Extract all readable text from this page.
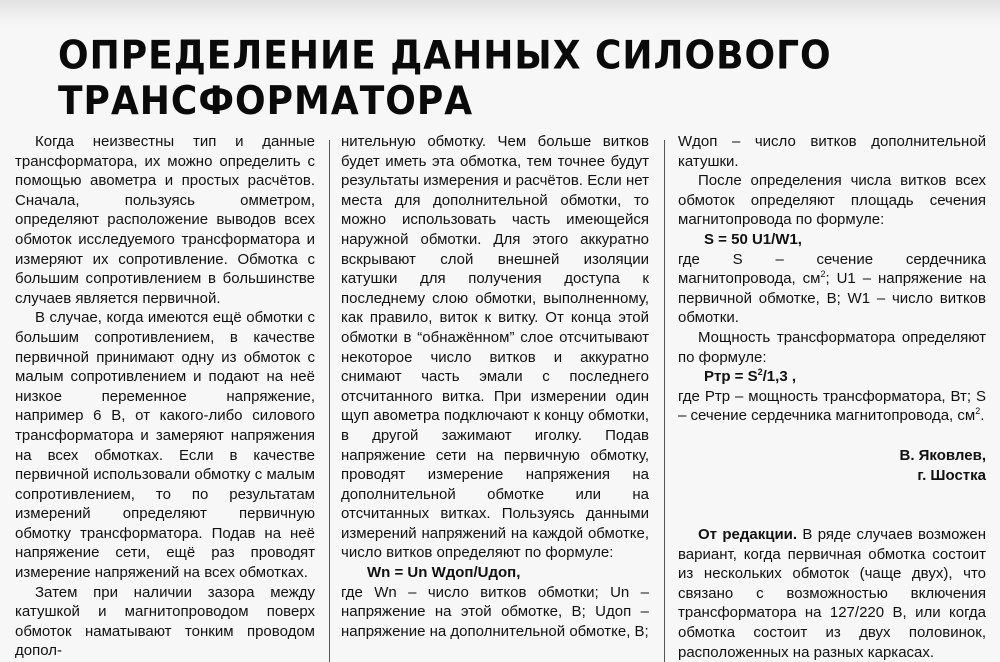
ОПРЕДЕЛЕНИЕ ДАННЫХ СИЛОВОГО
ТРАНСФОРМАТОРА

Когда неизвестны тип и данные трансформатора, их можно определить с помощью авометра и простых расчётов. Сначала, пользуясь омметром, определяют расположение выводов всех обмоток исследуемого трансформатора и измеряют их сопротивление. Обмотка с большим сопротивлением в большинстве случаев является первичной.

В случае, когда имеются ещё обмотки с большим сопротивлением, в качестве первичной принимают одну из обмоток с малым сопротивлением и подают на неё низкое переменное напряжение, например 6 В, от какого-либо силового трансформатора и замеряют напряжения на всех обмотках. Если в качестве первичной использовали обмотку с малым сопротивлением, то по результатам измерений определяют первичную обмотку трансформатора. Подав на неё напряжение сети, ещё раз проводят измерение напряжений на всех обмотках.

Затем при наличии зазора между катушкой и магнитопроводом поверх обмоток наматывают тонким проводом допол-

нительную обмотку. Чем больше витков будет иметь эта обмотка, тем точнее будут результаты измерения и расчётов. Если нет места для дополнительной обмотки, то можно использовать часть имеющейся наружной обмотки. Для этого аккуратно вскрывают слой внешней изоляции катушки для получения доступа к последнему слою обмотки, выполненному, как правило, виток к витку. От конца этой обмотки в “обнажённом” слое отсчитывают некоторое число витков и аккуратно снимают часть эмали с последнего отсчитанного витка. При измерении один щуп авометра подключают к концу обмотки, в другой зажимают иголку. Подав напряжение сети на первичную обмотку, проводят измерение напряжения на дополнительной обмотке или на отсчитанных витках. Пользуясь данными измерений напряжений на каждой обмотке, число витков определяют по формуле:

Wn = Un Wдоп/Uдоп,

где Wn – число витков обмотки; Un – напряжение на этой обмотке, В; Uдоп – напряжение на дополнительной обмотке, В;

Wдоп – число витков дополнительной катушки.

После определения числа витков всех обмоток определяют площадь сечения магнитопровода по формуле:

S = 50 U1/W1,

где S – сечение сердечника магнитопровода, $см^2$; U1 – напряжение на первичной обмотке, В; W1 – число витков обмотки.

Мощность трансформатора определяют по формуле:

Ртр = $S^2/1,3$ ,

где Ртр – мощность трансформатора, Вт; S – сечение сердечника магнитопровода, $см^2$.

В. Яковлев,
г. Шостка

От редакции. В ряде случаев возможен вариант, когда первичная обмотка состоит из нескольких обмоток (чаще двух), что связано с возможностью включения трансформатора на 127/220 В, или когда обмотка состоит из двух половинок, расположенных на разных каркасах.
